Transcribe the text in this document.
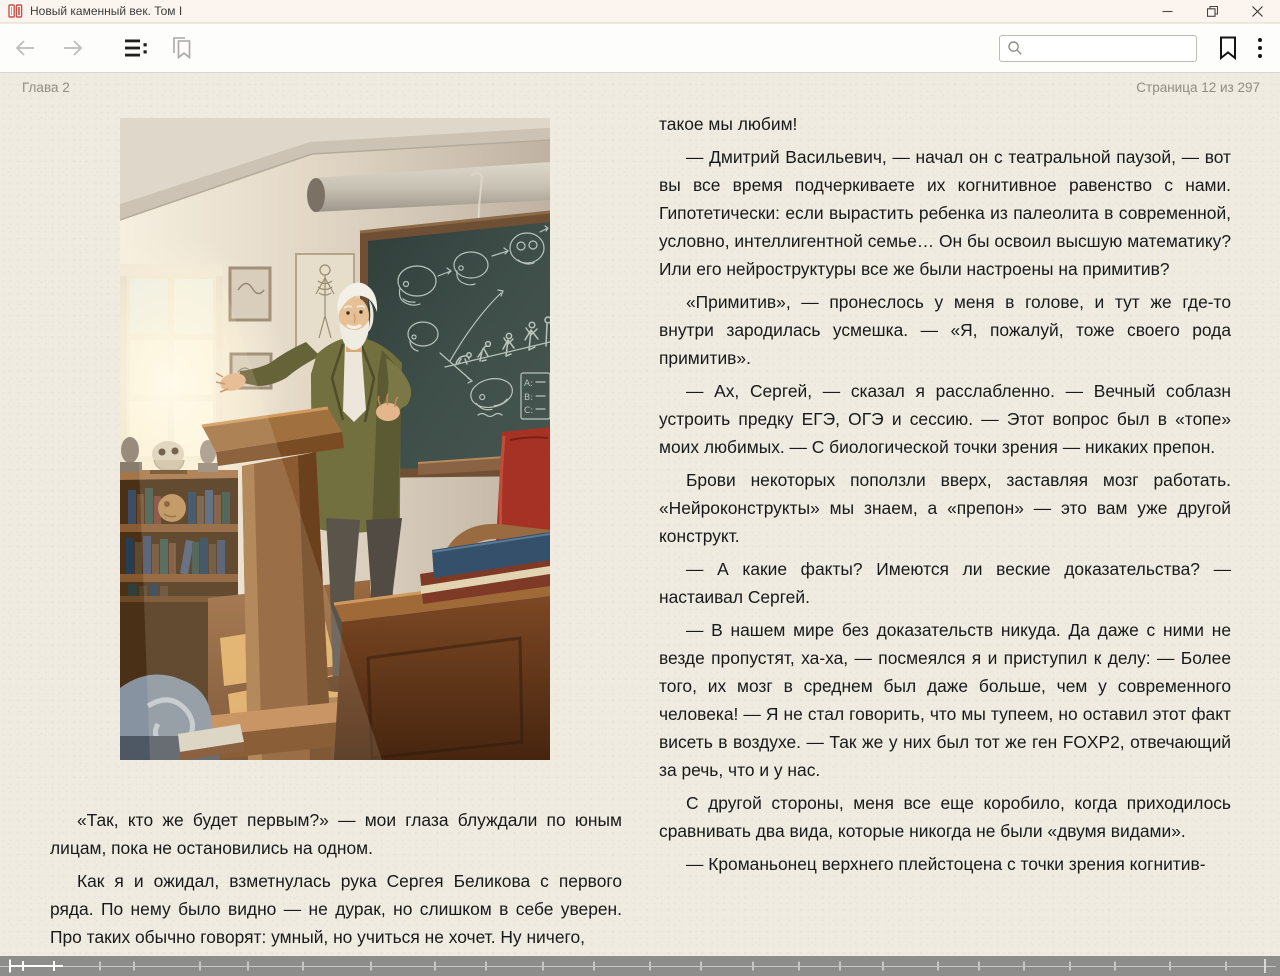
Новый каменный век. Том I
Глава 2	Страница 12 из 297
A:
B:
C:

«Так, кто же будет первым?» — мои глаза блуждали по юным лицам, пока не остановились на одном.

Как я и ожидал, взметнулась рука Сергея Беликова с первого ряда. По нему было видно — не дурак, но слишком в себе уверен. Про таких обычно говорят: умный, но учиться не хочет. Ну ничего,

такое мы любим!

— Дмитрий Васильевич, — начал он с театральной паузой, — вот вы все время подчеркиваете их когнитивное равенство с нами. Гипотетически: если вырастить ребенка из палеолита в современной, условно, интеллигентной семье… Он бы освоил высшую математику? Или его нейроструктуры все же были настроены на примитив?

«Примитив», — пронеслось у меня в голове, и тут же где-то внутри зародилась усмешка. — «Я, пожалуй, тоже своего рода примитив».

— Ах, Сергей, — сказал я расслабленно. — Вечный соблазн устроить предку ЕГЭ, ОГЭ и сессию. — Этот вопрос был в «топе» моих любимых. — С биологической точки зрения — никаких препон.

Брови некоторых поползли вверх, заставляя мозг работать. «Нейроконструкты» мы знаем, а «препон» — это вам уже другой конструкт.

— А какие факты? Имеются ли веские доказательства? — настаивал Сергей.

— В нашем мире без доказательств никуда. Да даже с ними не везде пропустят, ха-ха, — посмеялся я и приступил к делу: — Более того, их мозг в среднем был даже больше, чем у современного человека! — Я не стал говорить, что мы тупеем, но оставил этот факт висеть в воздухе. — Так же у них был тот же ген FOXP2, отвечающий за речь, что и у нас.

С другой стороны, меня все еще коробило, когда приходилось сравнивать два вида, которые никогда не были «двумя видами».

— Кроманьонец верхнего плейстоцена с точки зрения когнитив-
